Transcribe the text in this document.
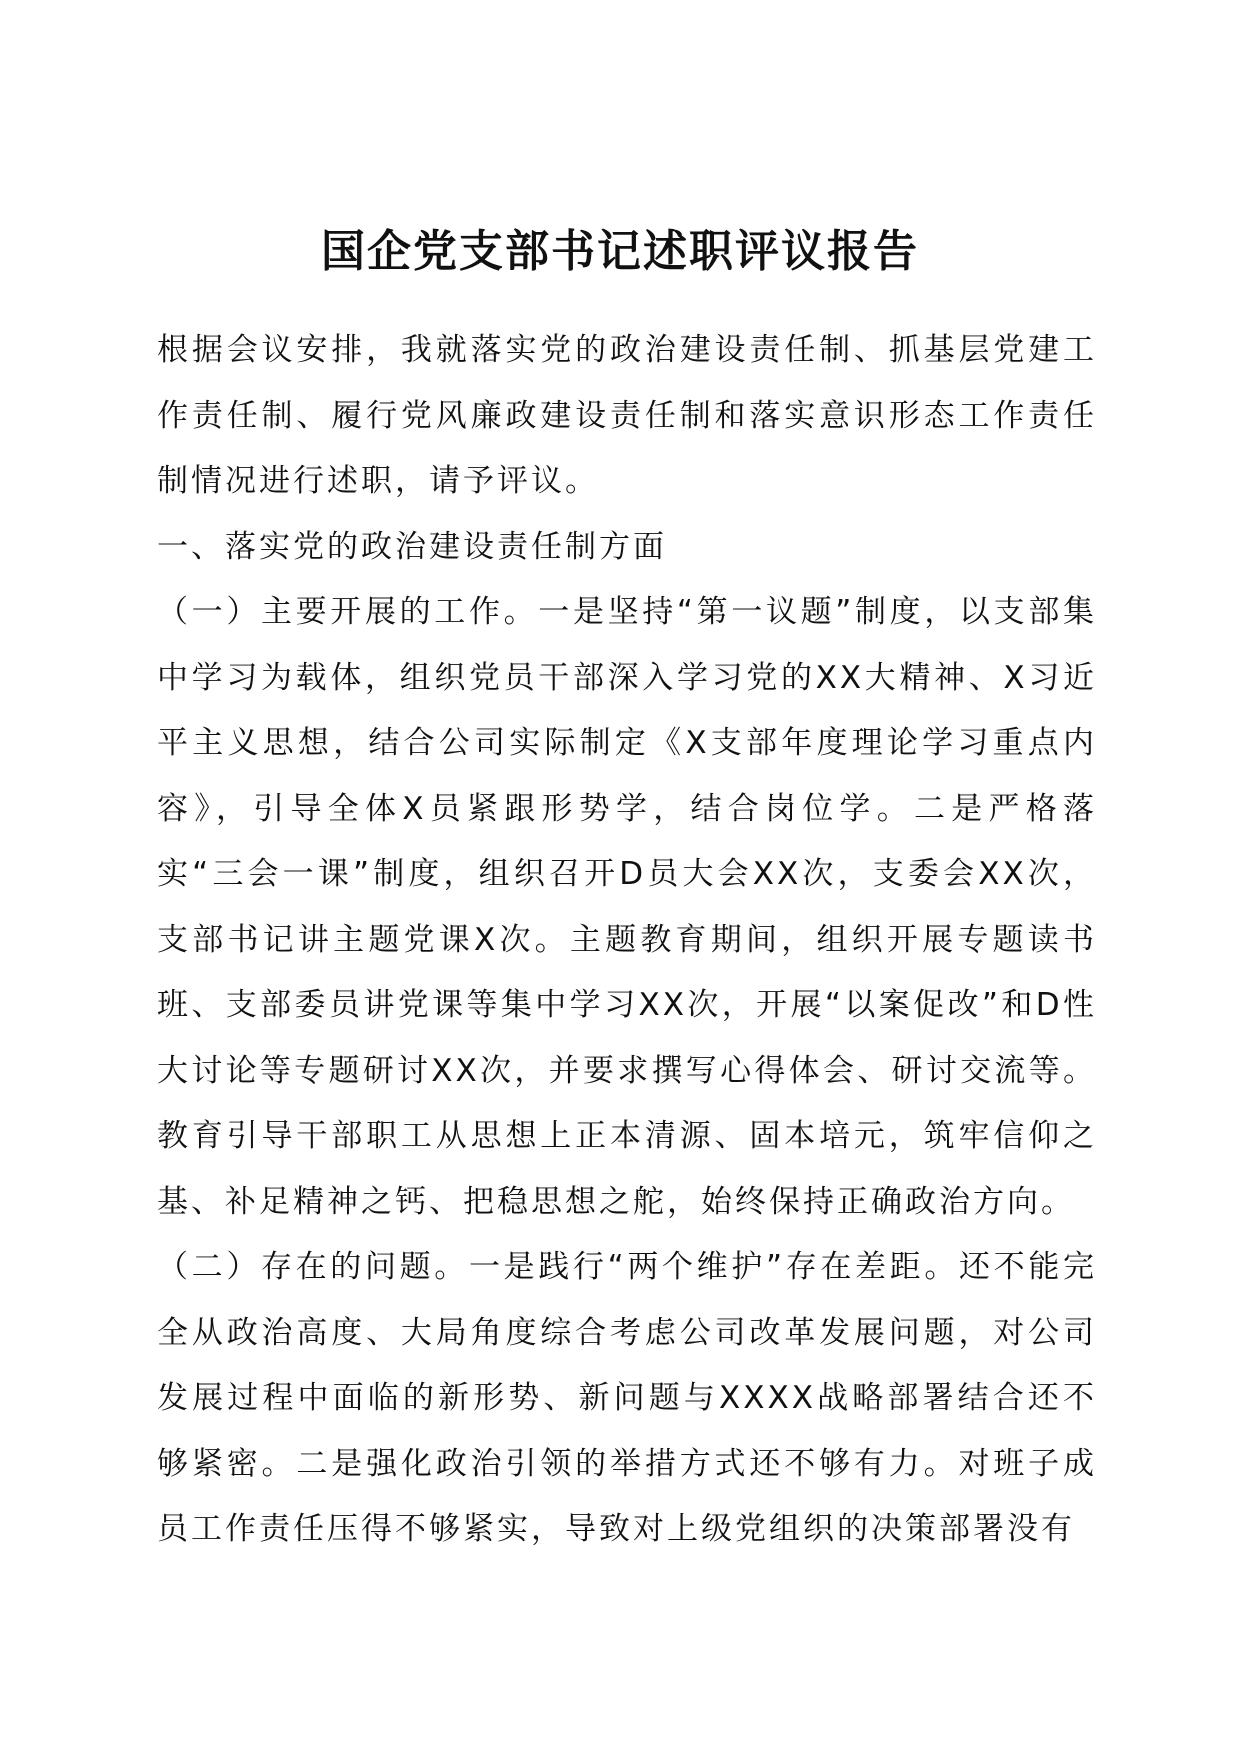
国企党支部书记述职评议报告

根据会议安排，我就落实党的政治建设责任制、抓基层党建工作责任制、履行党风廉政建设责任制和落实意识形态工作责任制情况进行述职，请予评议。

一、落实党的政治建设责任制方面

（一）主要开展的工作。一是坚持“第一议题”制度，以支部集中学习为载体，组织党员干部深入学习党的XX大精神、X习近平主义思想，结合公司实际制定《X支部年度理论学习重点内容》，引导全体X员紧跟形势学，结合岗位学。二是严格落实“三会一课”制度，组织召开D员大会XX次，支委会XX次，支部书记讲主题党课X次。主题教育期间，组织开展专题读书班、支部委员讲党课等集中学习XX次，开展“以案促改”和D性大讨论等专题研讨XX次，并要求撰写心得体会、研讨交流等。教育引导干部职工从思想上正本清源、固本培元，筑牢信仰之基、补足精神之钙、把稳思想之舵，始终保持正确政治方向。

（二）存在的问题。一是践行“两个维护”存在差距。还不能完全从政治高度、大局角度综合考虑公司改革发展问题，对公司发展过程中面临的新形势、新问题与XXXX战略部署结合还不够紧密。二是强化政治引领的举措方式还不够有力。对班子成员工作责任压得不够紧实，导致对上级党组织的决策部署没有
